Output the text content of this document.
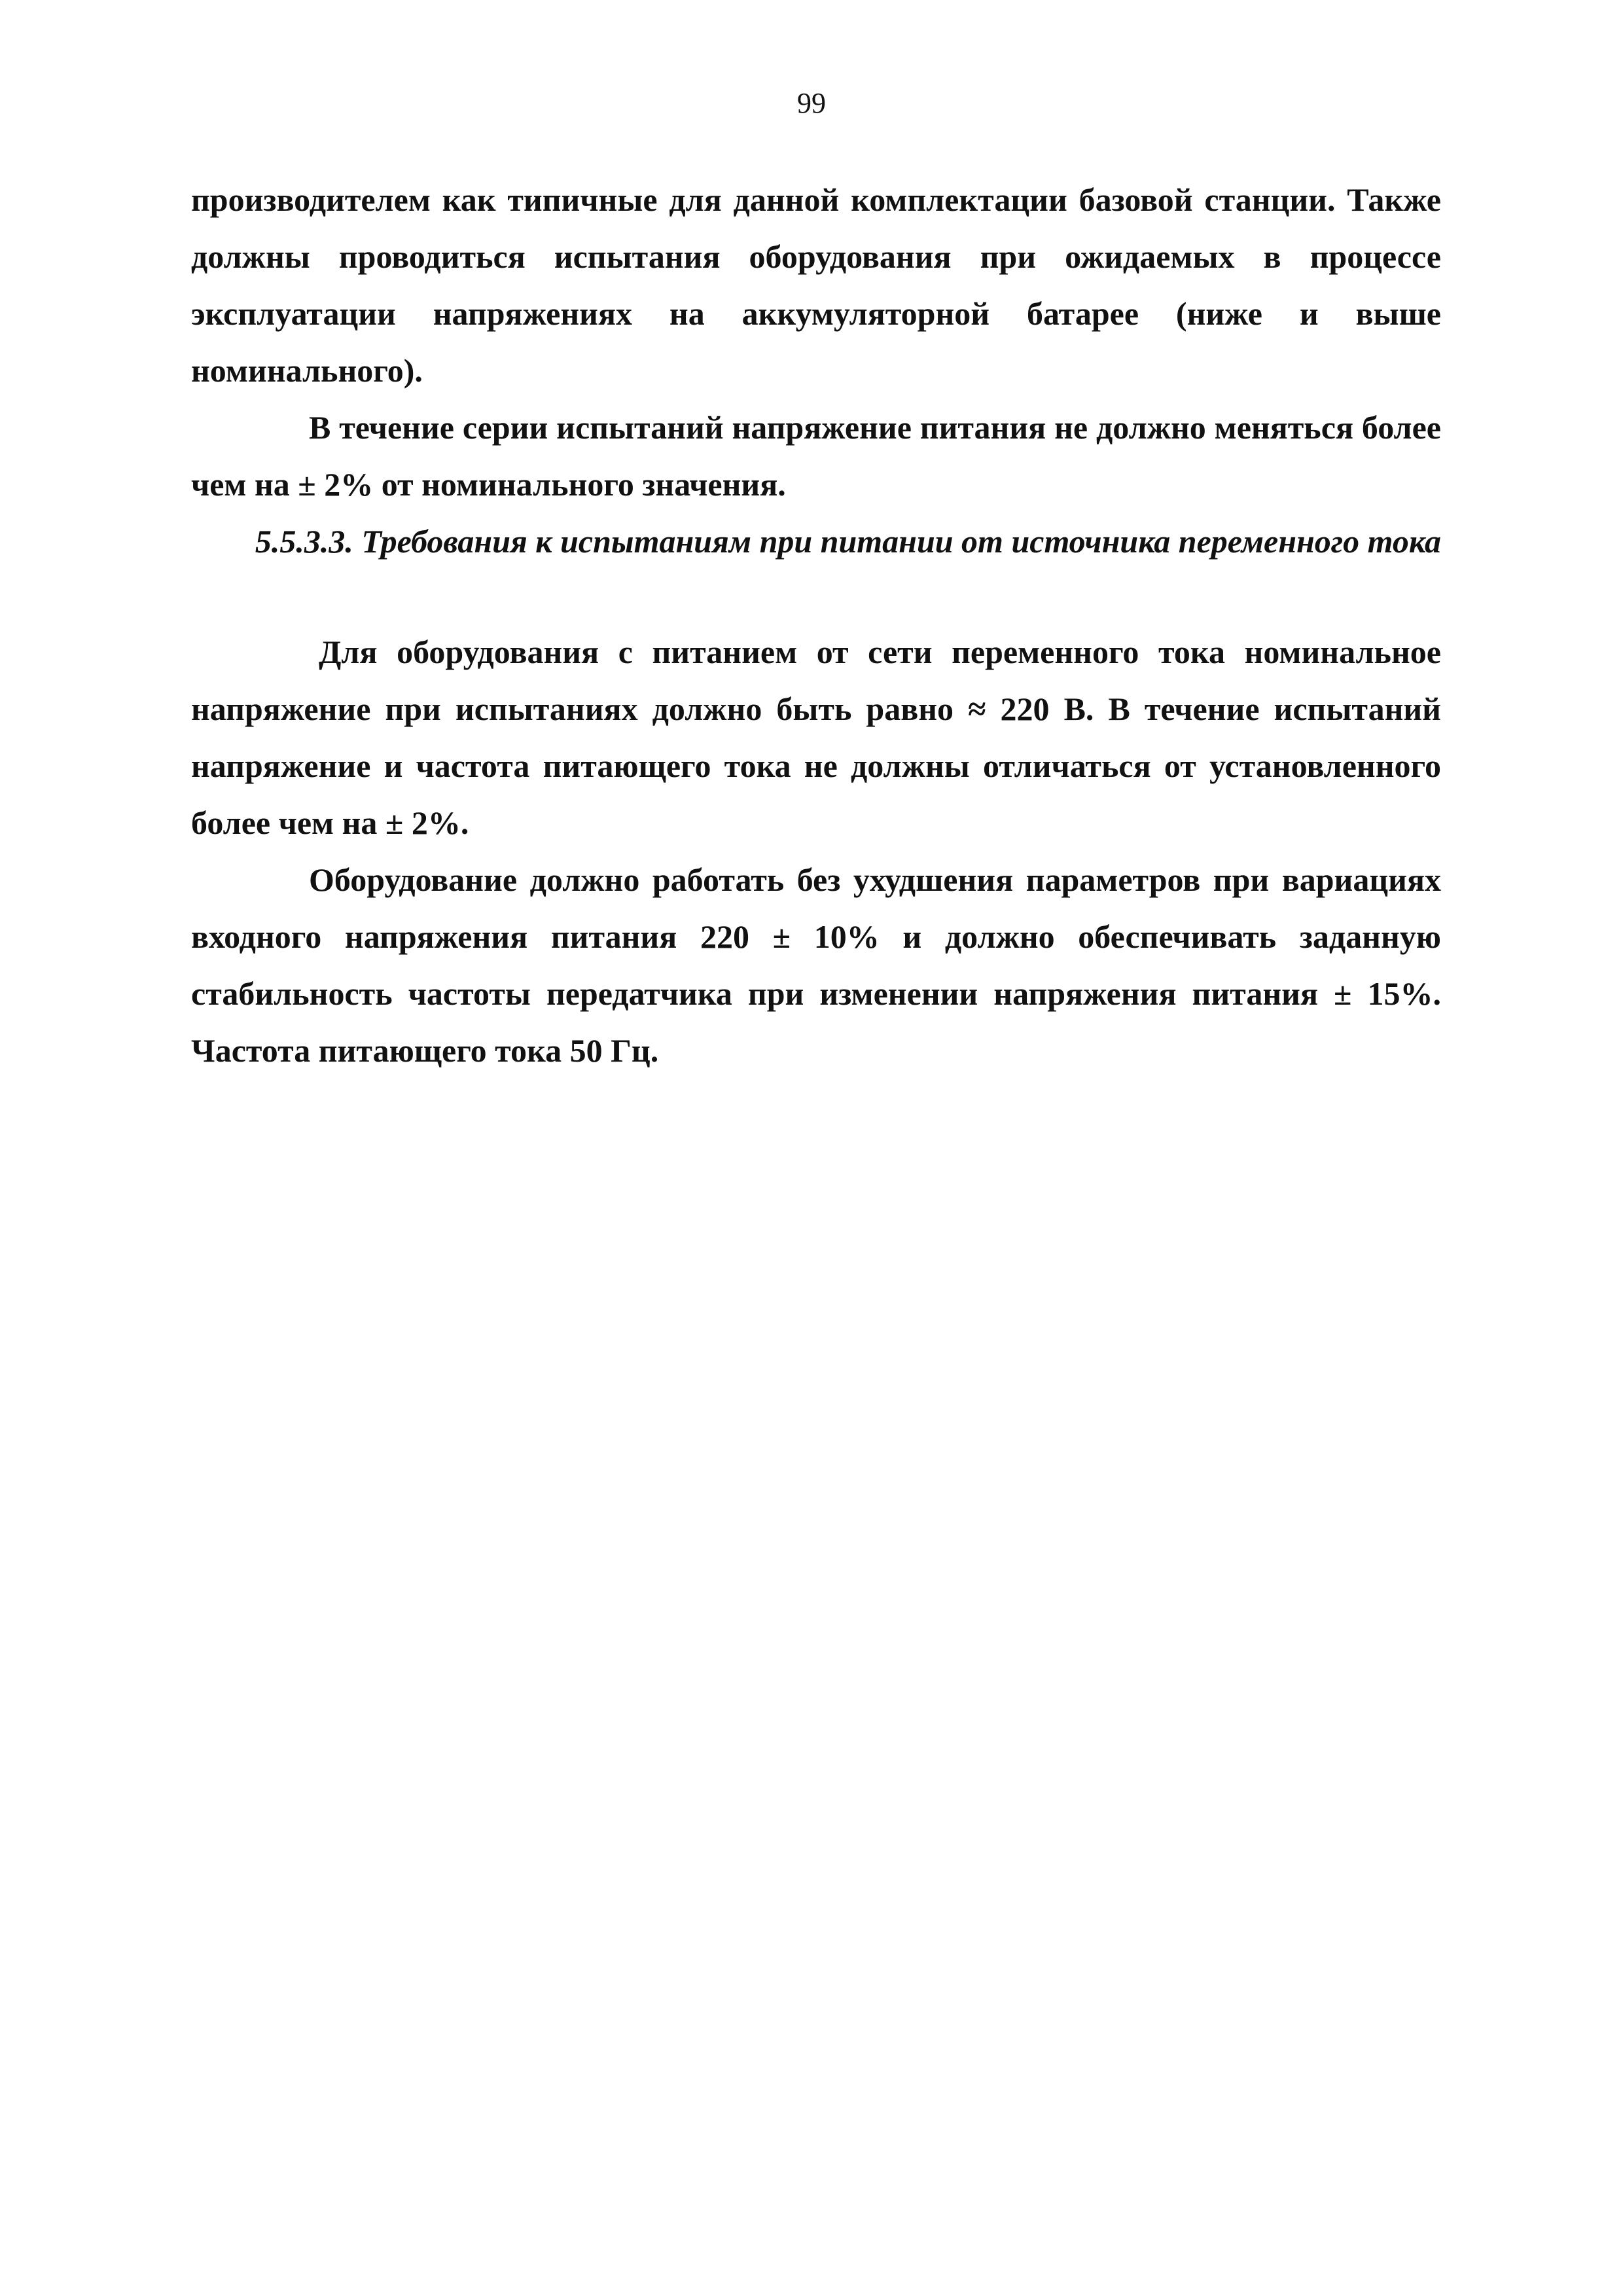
99

производителем как типичные для данной комплектации базовой станции. Также должны проводиться испытания оборудования при ожидаемых в процессе эксплуатации напряжениях на аккумуляторной батарее (ниже и выше номинального).

В течение серии испытаний напряжение питания не должно меняться более чем на ± 2% от номинального значения.

5.5.3.3. Требования к испытаниям при питании от источника переменного тока

Для оборудования с питанием от сети переменного тока номинальное напряжение при испытаниях должно быть равно ≈ 220 В. В течение испытаний напряжение и частота питающего тока не должны отличаться от установленного более чем на ± 2%.

Оборудование должно работать без ухудшения параметров при вариациях входного напряжения питания 220 ± 10% и должно обеспечивать заданную стабильность частоты передатчика при изменении напряжения питания ± 15%. Частота питающего тока 50 Гц.
